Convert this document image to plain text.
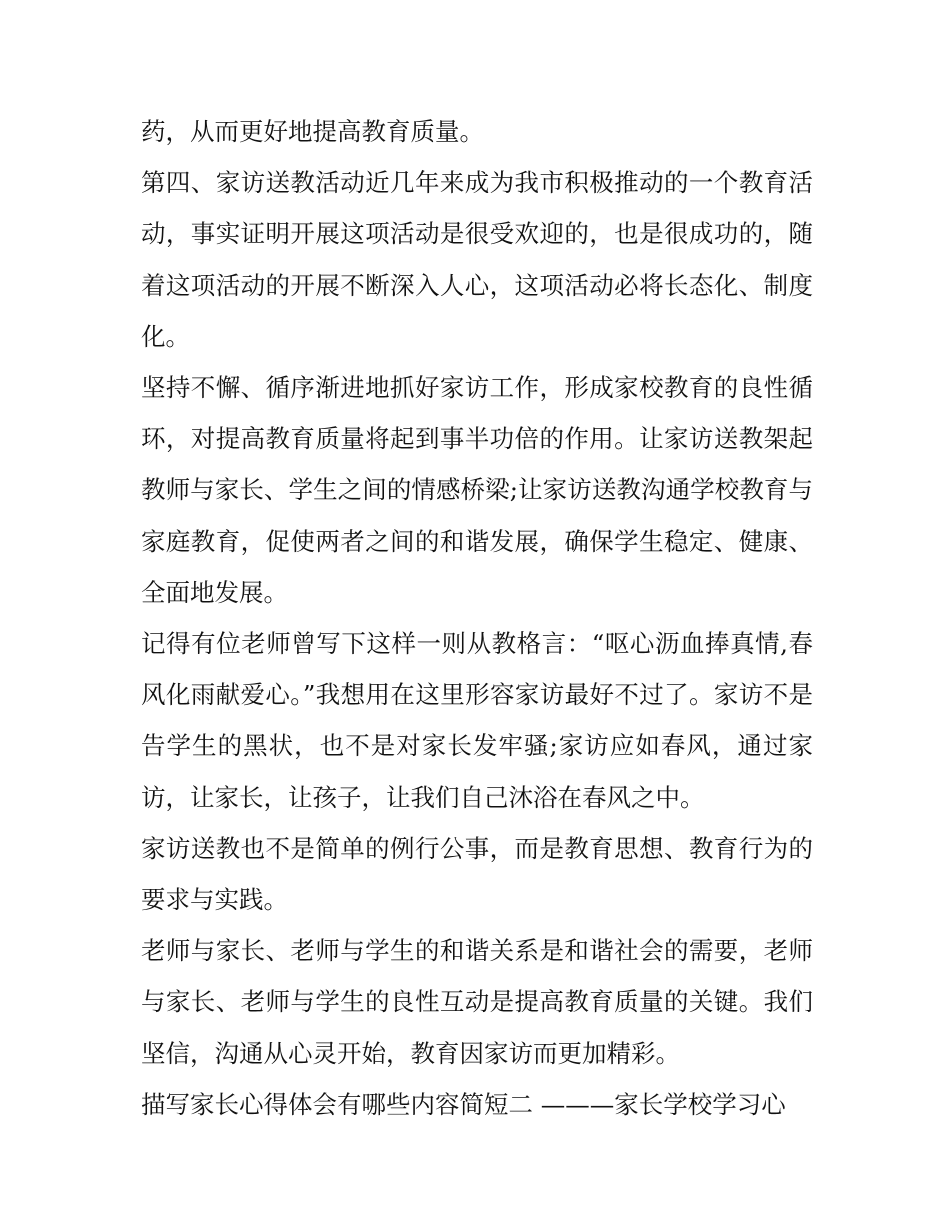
药，从而更好地提高教育质量。

第四、家访送教活动近几年来成为我市积极推动的一个教育活动，事实证明开展这项活动是很受欢迎的，也是很成功的，随着这项活动的开展不断深入人心，这项活动必将长态化、制度化。

坚持不懈、循序渐进地抓好家访工作，形成家校教育的良性循环，对提高教育质量将起到事半功倍的作用。让家访送教架起教师与家长、学生之间的情感桥梁;让家访送教沟通学校教育与家庭教育，促使两者之间的和谐发展，确保学生稳定、健康、全面地发展。

记得有位老师曾写下这样一则从教格言：“呕心沥血捧真情,春风化雨献爱心。”我想用在这里形容家访最好不过了。家访不是告学生的黑状，也不是对家长发牢骚;家访应如春风，通过家访，让家长，让孩子，让我们自己沐浴在春风之中。

家访送教也不是简单的例行公事，而是教育思想、教育行为的要求与实践。

老师与家长、老师与学生的和谐关系是和谐社会的需要，老师与家长、老师与学生的良性互动是提高教育质量的关键。我们坚信，沟通从心灵开始，教育因家访而更加精彩。

描写家长心得体会有哪些内容简短二 ———家长学校学习心
